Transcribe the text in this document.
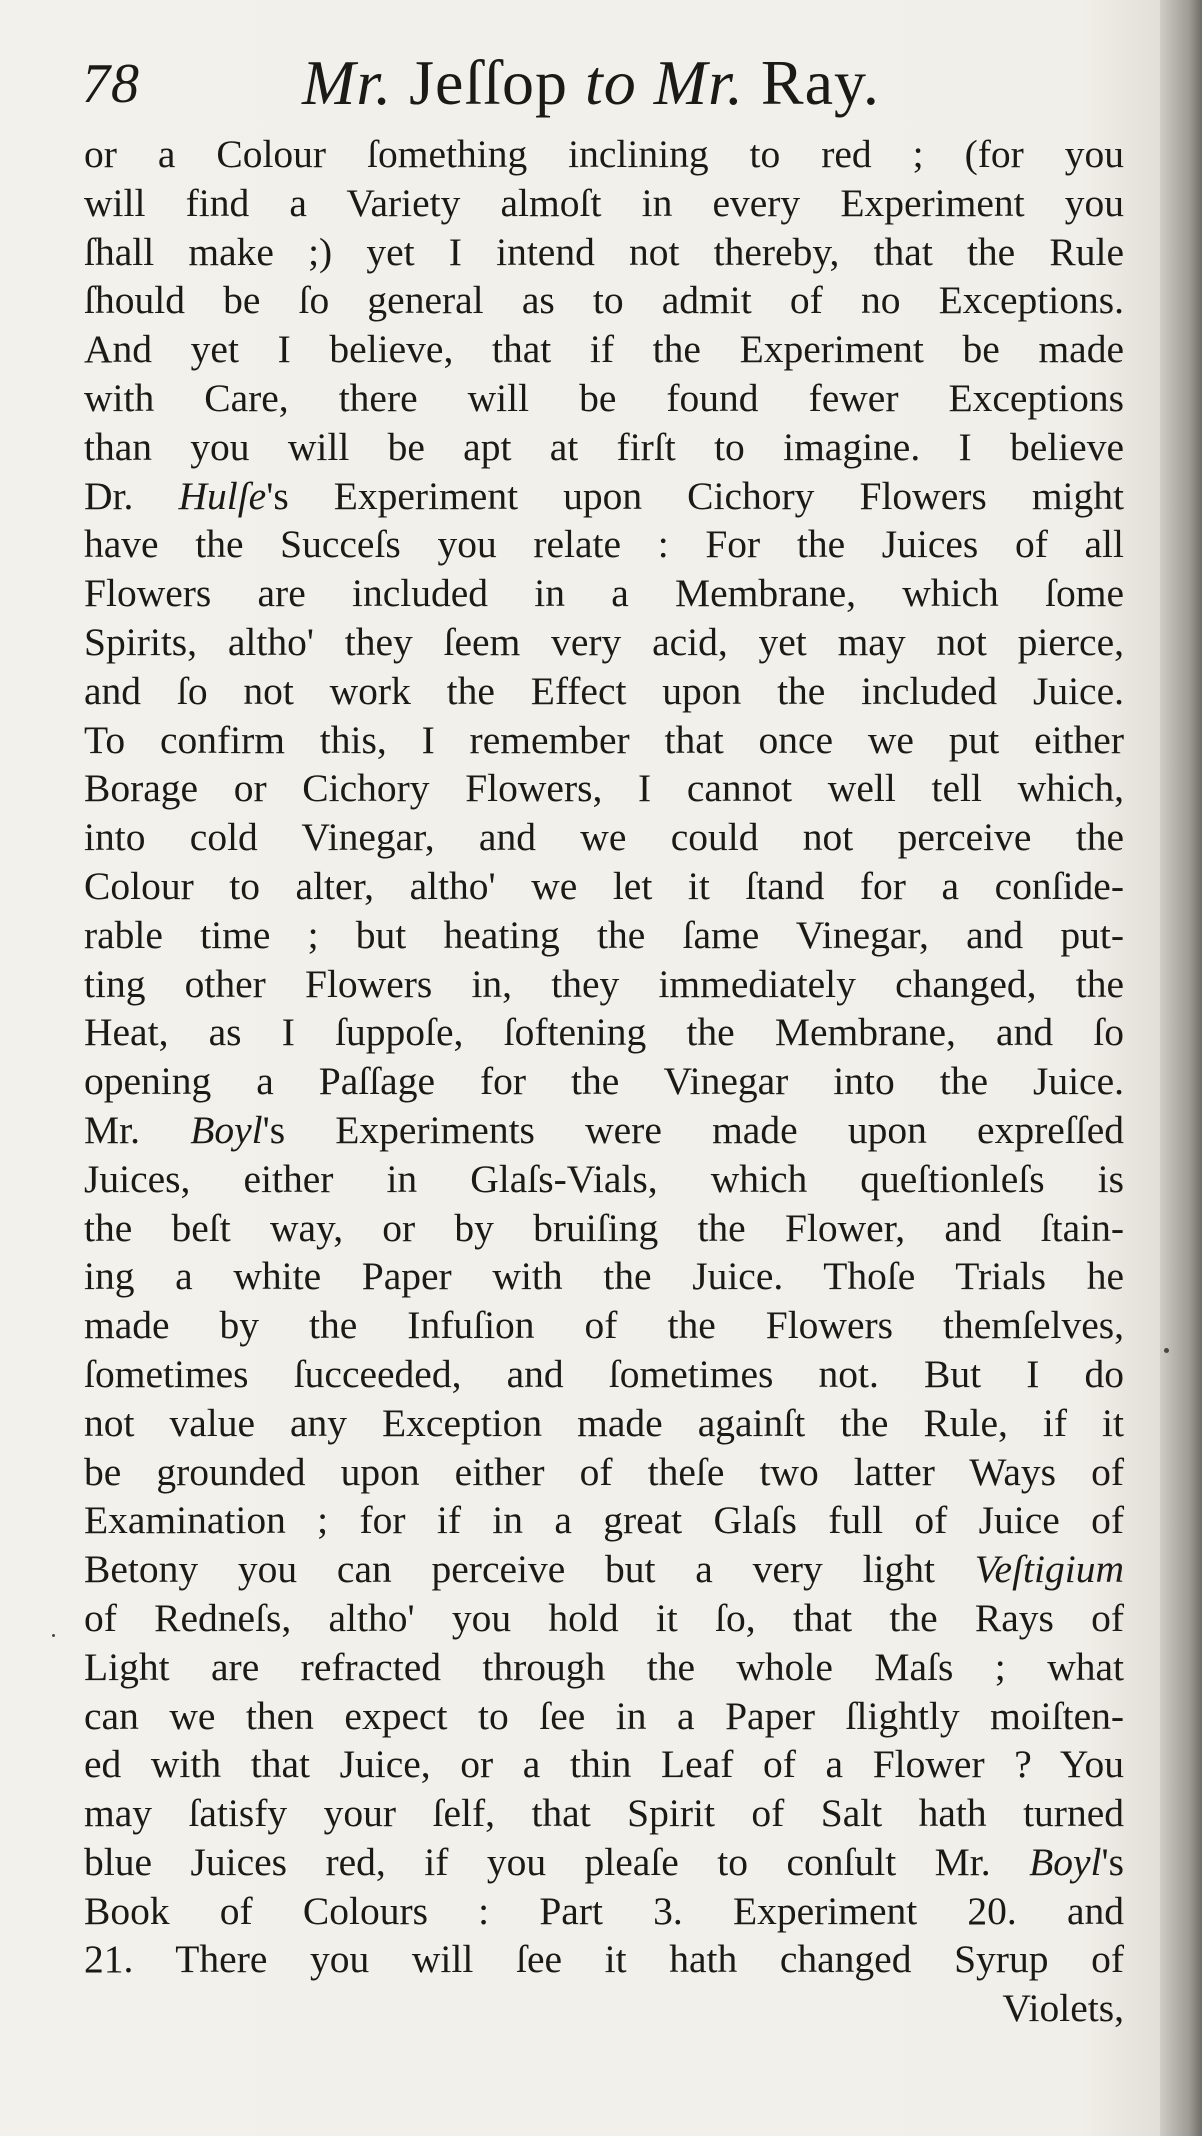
78	Mr. Jeſſop to Mr. Ray.
or a Colour ſomething inclining to red ; (for you
will find a Variety almoſt in every Experiment you
ſhall make ;) yet I intend not thereby, that the Rule
ſhould be ſo general as to admit of no Exceptions.
And yet I believe, that if the Experiment be made
with Care, there will be found fewer Exceptions
than you will be apt at firſt to imagine. I believe
Dr. Hulſe's Experiment upon Cichory Flowers might
have the Succeſs you relate : For the Juices of all
Flowers are included in a Membrane, which ſome
Spirits, altho' they ſeem very acid, yet may not pierce,
and ſo not work the Effect upon the included Juice.
To confirm this, I remember that once we put either
Borage or Cichory Flowers, I cannot well tell which,
into cold Vinegar, and we could not perceive the
Colour to alter, altho' we let it ſtand for a conſide-
rable time ; but heating the ſame Vinegar, and put-
ting other Flowers in, they immediately changed, the
Heat, as I ſuppoſe, ſoftening the Membrane, and ſo
opening a Paſſage for the Vinegar into the Juice.
Mr. Boyl's Experiments were made upon expreſſed
Juices, either in Glaſs-Vials, which queſtionleſs is
the beſt way, or by bruiſing the Flower, and ſtain-
ing a white Paper with the Juice. Thoſe Trials he
made by the Infuſion of the Flowers themſelves,
ſometimes ſucceeded, and ſometimes not. But I do
not value any Exception made againſt the Rule, if it
be grounded upon either of theſe two latter Ways of
Examination ; for if in a great Glaſs full of Juice of
Betony you can perceive but a very light Veſtigium
of Redneſs, altho' you hold it ſo, that the Rays of
Light are refracted through the whole Maſs ; what
can we then expect to ſee in a Paper ſlightly moiſten-
ed with that Juice, or a thin Leaf of a Flower ? You
may ſatisfy your ſelf, that Spirit of Salt hath turned
blue Juices red, if you pleaſe to conſult Mr. Boyl's
Book of Colours : Part 3. Experiment 20. and
21. There you will ſee it hath changed Syrup of
Violets,
